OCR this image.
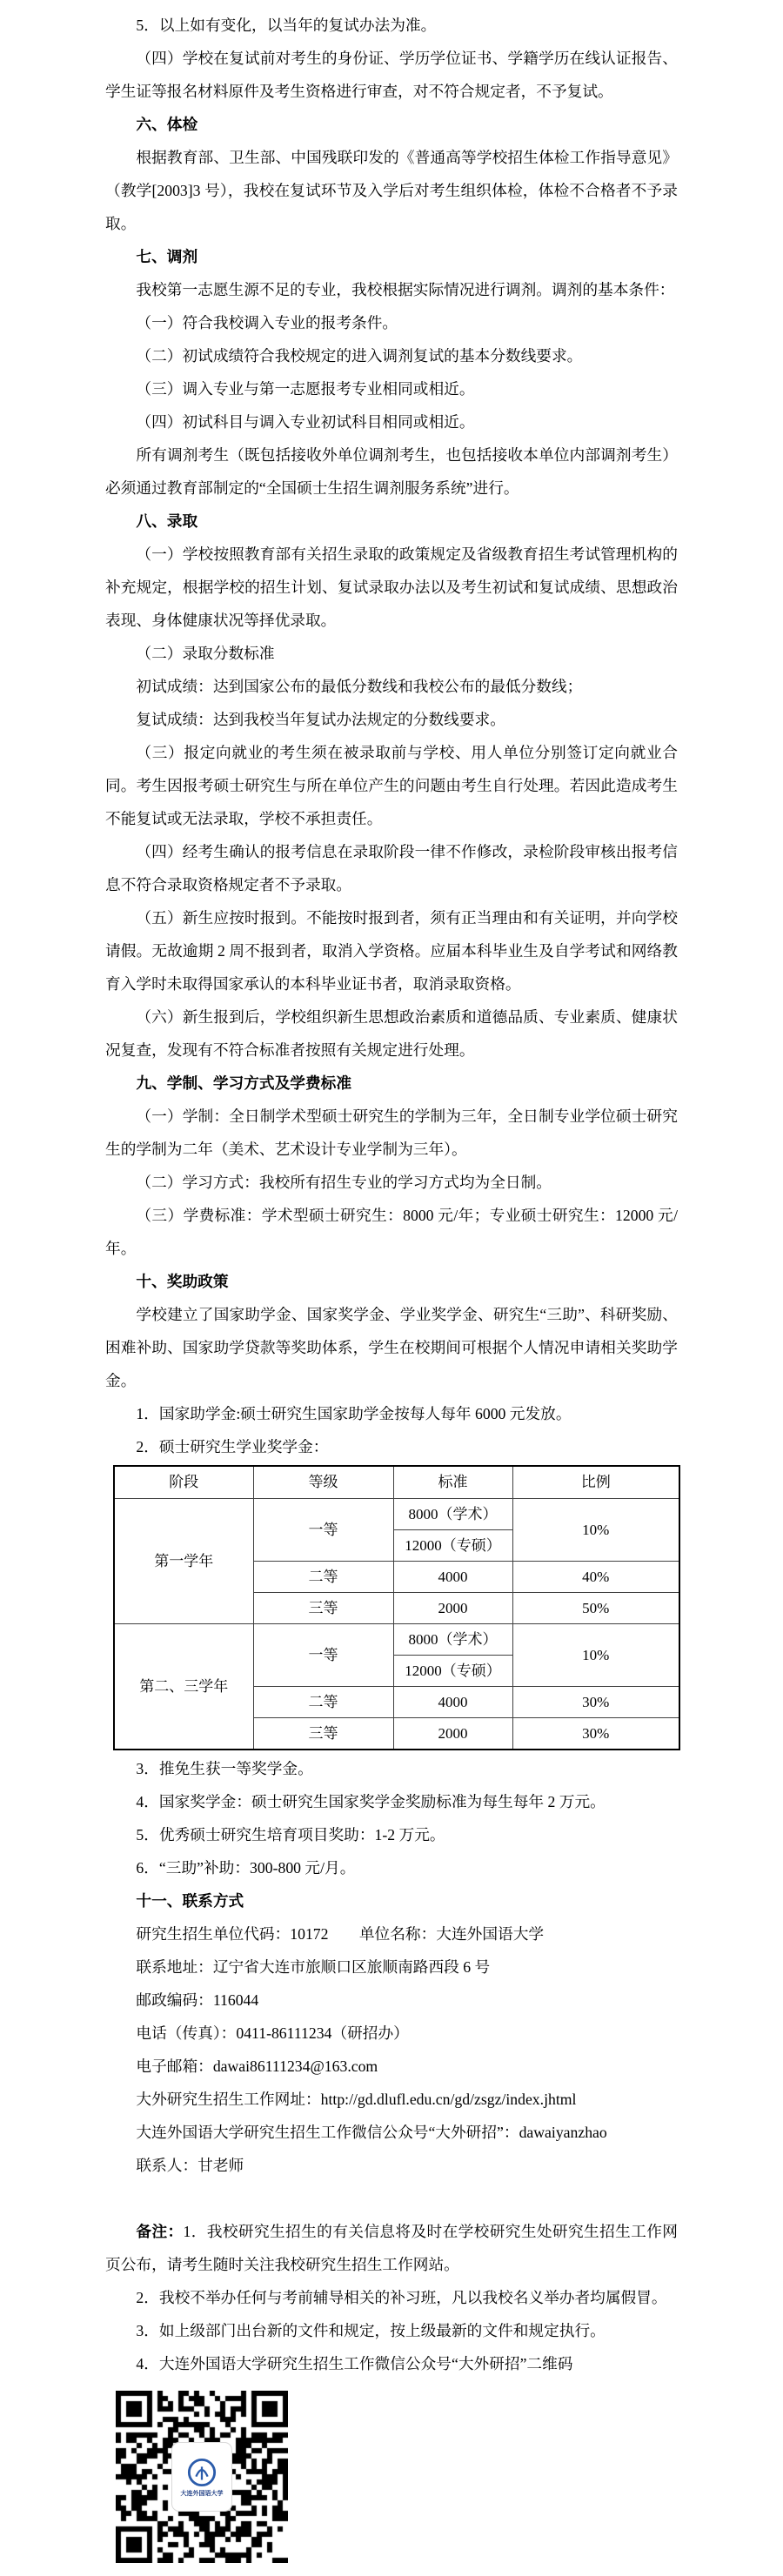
5．以上如有变化，以当年的复试办法为准。

（四）学校在复试前对考生的身份证、学历学位证书、学籍学历在线认证报告、学生证等报名材料原件及考生资格进行审查，对不符合规定者，不予复试。

六、体检

根据教育部、卫生部、中国残联印发的《普通高等学校招生体检工作指导意见》（教学[2003]3 号），我校在复试环节及入学后对考生组织体检，体检不合格者不予录取。

七、调剂

我校第一志愿生源不足的专业，我校根据实际情况进行调剂。调剂的基本条件：

（一）符合我校调入专业的报考条件。

（二）初试成绩符合我校规定的进入调剂复试的基本分数线要求。

（三）调入专业与第一志愿报考专业相同或相近。

（四）初试科目与调入专业初试科目相同或相近。

所有调剂考生（既包括接收外单位调剂考生，也包括接收本单位内部调剂考生）必须通过教育部制定的“全国硕士生招生调剂服务系统”进行。

八、录取

（一）学校按照教育部有关招生录取的政策规定及省级教育招生考试管理机构的补充规定，根据学校的招生计划、复试录取办法以及考生初试和复试成绩、思想政治表现、身体健康状况等择优录取。

（二）录取分数标准

初试成绩：达到国家公布的最低分数线和我校公布的最低分数线；

复试成绩：达到我校当年复试办法规定的分数线要求。

（三）报定向就业的考生须在被录取前与学校、用人单位分别签订定向就业合同。考生因报考硕士研究生与所在单位产生的问题由考生自行处理。若因此造成考生不能复试或无法录取，学校不承担责任。

（四）经考生确认的报考信息在录取阶段一律不作修改，录检阶段审核出报考信息不符合录取资格规定者不予录取。

（五）新生应按时报到。不能按时报到者，须有正当理由和有关证明，并向学校请假。无故逾期 2 周不报到者，取消入学资格。应届本科毕业生及自学考试和网络教育入学时未取得国家承认的本科毕业证书者，取消录取资格。

（六）新生报到后，学校组织新生思想政治素质和道德品质、专业素质、健康状况复查，发现有不符合标准者按照有关规定进行处理。

九、学制、学习方式及学费标准

（一）学制：全日制学术型硕士研究生的学制为三年，全日制专业学位硕士研究生的学制为二年（美术、艺术设计专业学制为三年）。

（二）学习方式：我校所有招生专业的学习方式均为全日制。

（三）学费标准：学术型硕士研究生：8000 元/年；专业硕士研究生：12000 元/年。

十、奖助政策

学校建立了国家助学金、国家奖学金、学业奖学金、研究生“三助”、科研奖励、困难补助、国家助学贷款等奖助体系，学生在校期间可根据个人情况申请相关奖助学金。

1．国家助学金:硕士研究生国家助学金按每人每年 6000 元发放。

2．硕士研究生学业奖学金：

阶段	等级	标准	比例
第一学年	一等	8000（学术）	10%
		12000（专硕）	
	二等	4000	40%
	三等	2000	50%
第二、三学年	一等	8000（学术）	10%
		12000（专硕）	
	二等	4000	30%
	三等	2000	30%

3．推免生获一等奖学金。

4．国家奖学金：硕士研究生国家奖学金奖励标准为每生每年 2 万元。

5．优秀硕士研究生培育项目奖助：1-2 万元。

6．“三助”补助：300-800 元/月。

十一、联系方式

研究生招生单位代码：10172　　单位名称：大连外国语大学

联系地址：辽宁省大连市旅顺口区旅顺南路西段 6 号

邮政编码：116044

电话（传真）：0411-86111234（研招办）

电子邮箱：dawai86111234@163.com

大外研究生招生工作网址：http://gd.dlufl.edu.cn/gd/zsgz/index.jhtml

大连外国语大学研究生招生工作微信公众号“大外研招”：dawaiyanzhao

联系人：甘老师

备注：1．我校研究生招生的有关信息将及时在学校研究生处研究生招生工作网页公布，请考生随时关注我校研究生招生工作网站。

2．我校不举办任何与考前辅导相关的补习班，凡以我校名义举办者均属假冒。

3．如上级部门出台新的文件和规定，按上级最新的文件和规定执行。

4．大连外国语大学研究生招生工作微信公众号“大外研招”二维码

大连外国语大学
